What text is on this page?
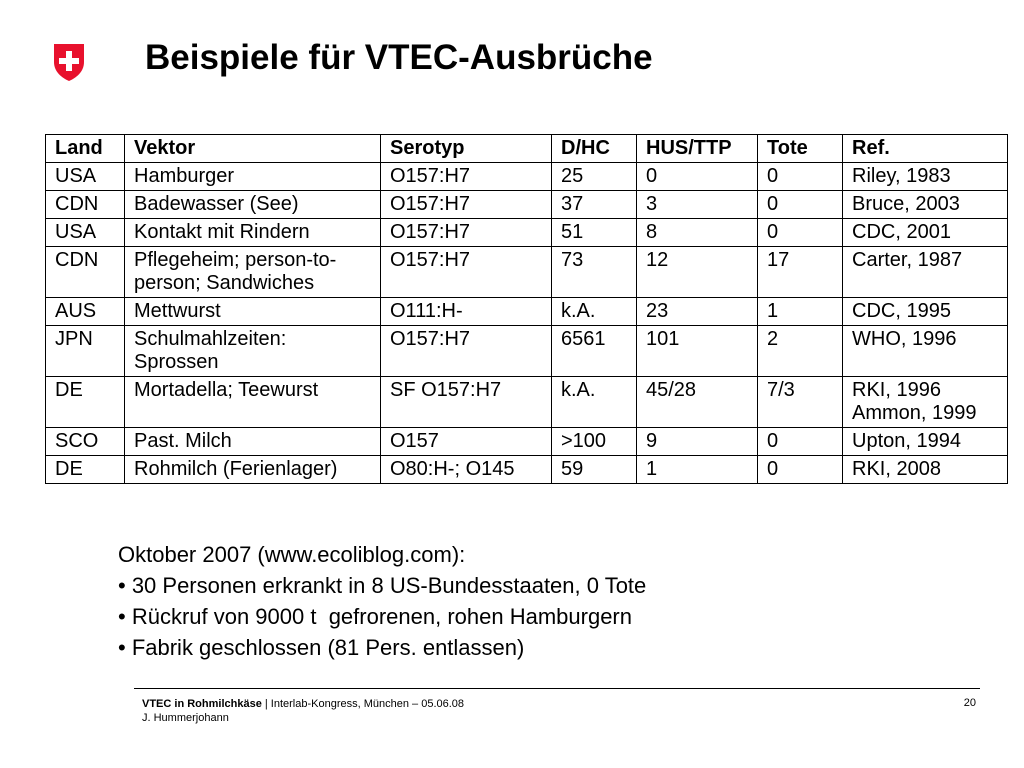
Beispiele für VTEC-Ausbrüche
Land	Vektor	Serotyp	D/HC	HUS/TTP	Tote	Ref.
USA	Hamburger	O157:H7	25	0	0	Riley, 1983
CDN	Badewasser (See)	O157:H7	37	3	0	Bruce, 2003
USA	Kontakt mit Rindern	O157:H7	51	8	0	CDC, 2001
CDN	Pflegeheim; person-to-person; Sandwiches	O157:H7	73	12	17	Carter, 1987
AUS	Mettwurst	O111:H-	k.A.	23	1	CDC, 1995
JPN	Schulmahlzeiten: Sprossen	O157:H7	6561	101	2	WHO, 1996
DE	Mortadella; Teewurst	SF O157:H7	k.A.	45/28	7/3	RKI, 1996 Ammon, 1999
SCO	Past. Milch	O157	>100	9	0	Upton, 1994
DE	Rohmilch (Ferienlager)	O80:H-; O145	59	1	0	RKI, 2008
Oktober 2007 (www.ecoliblog.com):
• 30 Personen erkrankt in 8 US-Bundesstaaten, 0 Tote
• Rückruf von 9000 t  gefrorenen, rohen Hamburgern
• Fabrik geschlossen (81 Pers. entlassen)
VTEC in Rohmilchkäse | Interlab-Kongress, München – 05.06.08
J. Hummerjohann
20
